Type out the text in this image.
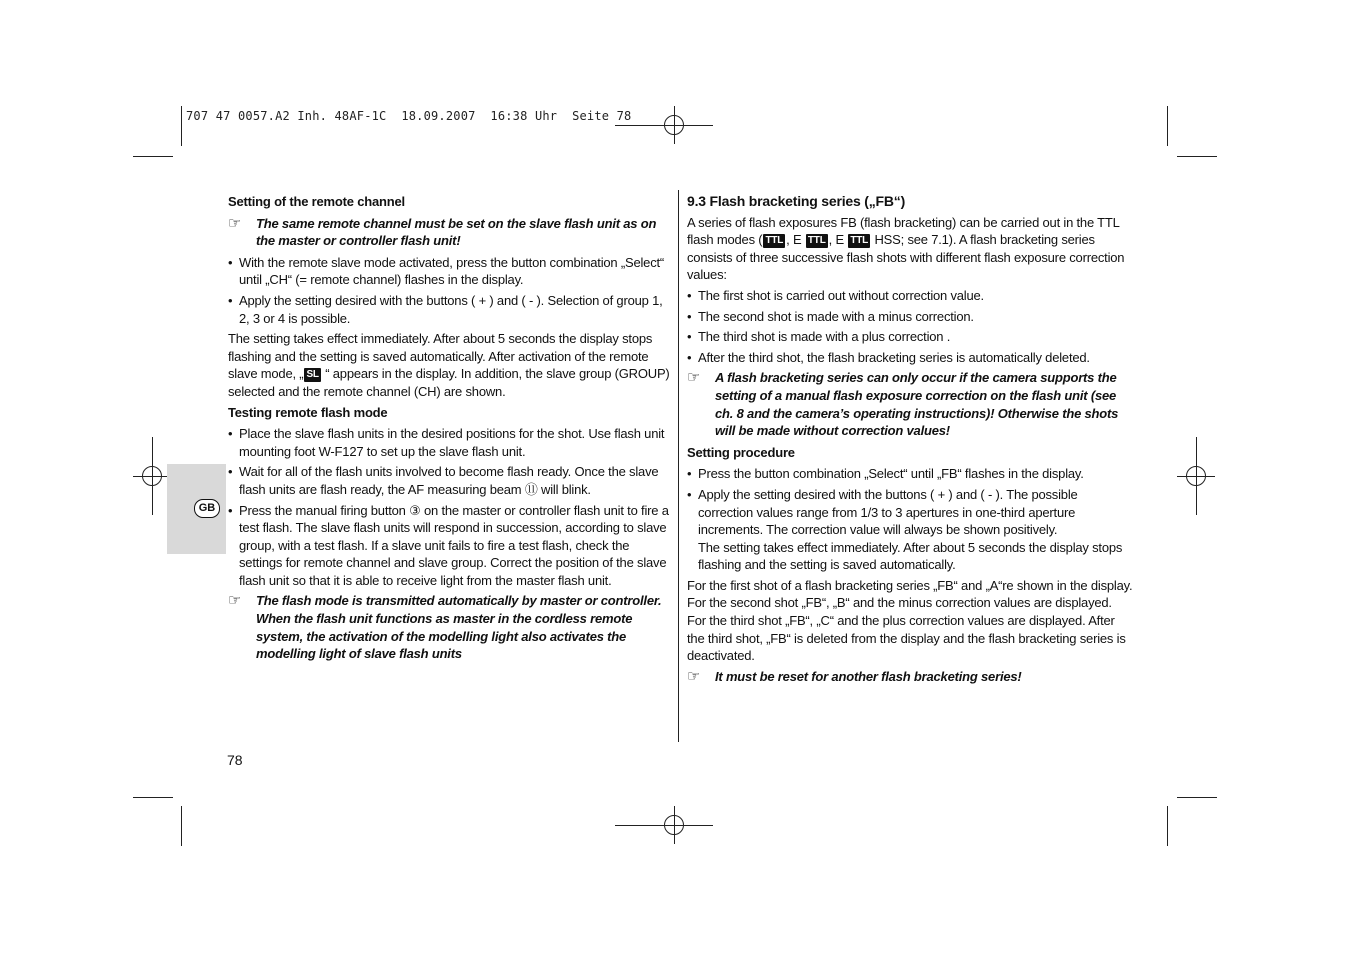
707 47 0057.A2 Inh. 48AF-1C  18.09.2007  16:38 Uhr  Seite 78
GB

Setting of the remote channel

☞	The same remote channel must be set on the slave flash unit as on the master or controller flash unit!

• With the remote slave mode activated, press the button combination „Select“ until „CH“ (= remote channel) flashes in the display.

• Apply the setting desired with the buttons ( + ) and ( - ). Selection of group 1, 2, 3 or 4 is possible.

The setting takes effect immediately. After about 5 seconds the display stops flashing and the setting is saved automatically. After activation of the remote slave mode, „ SL “ appears in the display. In addition, the slave group (GROUP) selected and the remote channel (CH) are shown.

Testing remote flash mode

• Place the slave flash units in the desired positions for the shot. Use flash unit mounting foot W-F127 to set up the slave flash unit.

• Wait for all of the flash units involved to become flash ready. Once the slave flash units are flash ready, the AF measuring beam ⑪ will blink.

• Press the manual firing button ③ on the master or controller flash unit to fire a test flash. The slave flash units will respond in succession, according to slave group, with a test flash. If a slave unit fails to fire a test flash, check the settings for remote channel and slave group. Correct the position of the slave flash unit so that it is able to receive light from the master flash unit.

☞	The flash mode is transmitted automatically by master or controller. When the flash unit functions as master in the cordless remote system, the activation of the modelling light also activates the modelling light of slave flash units

9.3 Flash bracketing series („FB“)

A series of flash exposures FB (flash bracketing) can be carried out in the TTL flash modes ( TTL , E TTL , E TTL HSS; see 7.1). A flash bracketing series consists of three successive flash shots with different flash exposure correction values:

• The first shot is carried out without correction value.

• The second shot is made with a minus correction.

• The third shot is made with a plus correction .

• After the third shot, the flash bracketing series is automatically deleted.

☞	A flash bracketing series can only occur if the camera supports the setting of a manual flash exposure correction on the flash unit (see ch. 8 and the camera’s operating instructions)! Otherwise the shots will be made without correction values!

Setting procedure

• Press the button combination „Select“ until „FB“ flashes in the display.

• Apply the setting desired with the buttons ( + ) and ( - ). The possible correction values range from 1/3 to 3 apertures in one-third aperture increments. The correction value will always be shown positively.
The setting takes effect immediately. After about 5 seconds the display stops flashing and the setting is saved automatically.

For the first shot of a flash bracketing series „FB“ and „A“re shown in the display. For the second shot „FB“, „B“ and the minus correction values are displayed. For the third shot „FB“, „C“ and the plus correction values are displayed. After the third shot, „FB“ is deleted from the display and the flash bracketing series is deactivated.

☞	It must be reset for another flash bracketing series!

78
